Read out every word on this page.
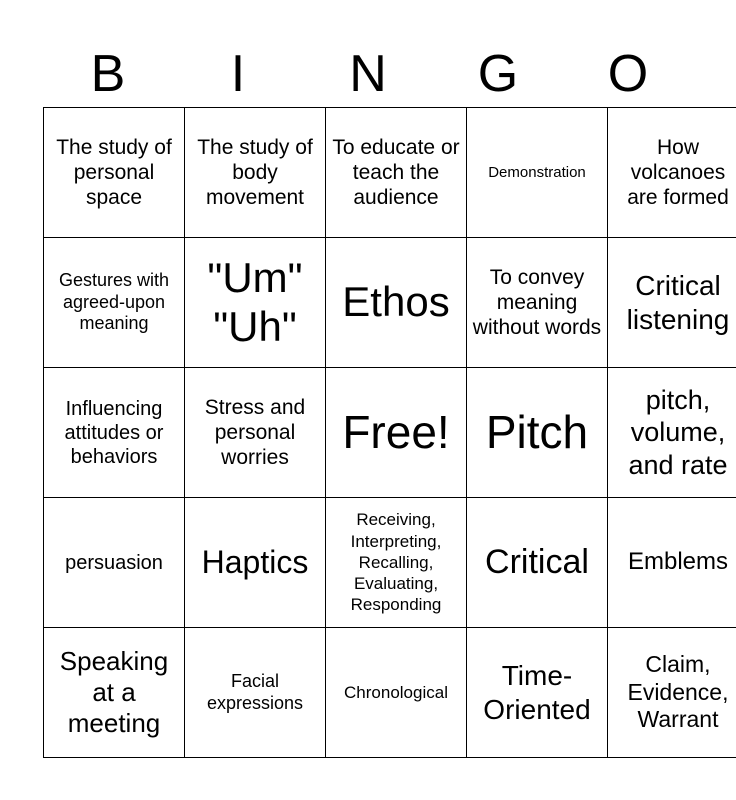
B	I	N	G	O
The study of personal space	The study of body movement	To educate or teach the audience	Demonstration	How volcanoes are formed
Gestures with agreed-upon meaning	"Um" "Uh"	Ethos	To convey meaning without words	Critical listening
Influencing attitudes or behaviors	Stress and personal worries	Free!	Pitch	pitch, volume, and rate
persuasion	Haptics	Receiving, Interpreting, Recalling, Evaluating, Responding	Critical	Emblems
Speaking at a meeting	Facial expressions	Chronological	Time-Oriented	Claim, Evidence, Warrant
